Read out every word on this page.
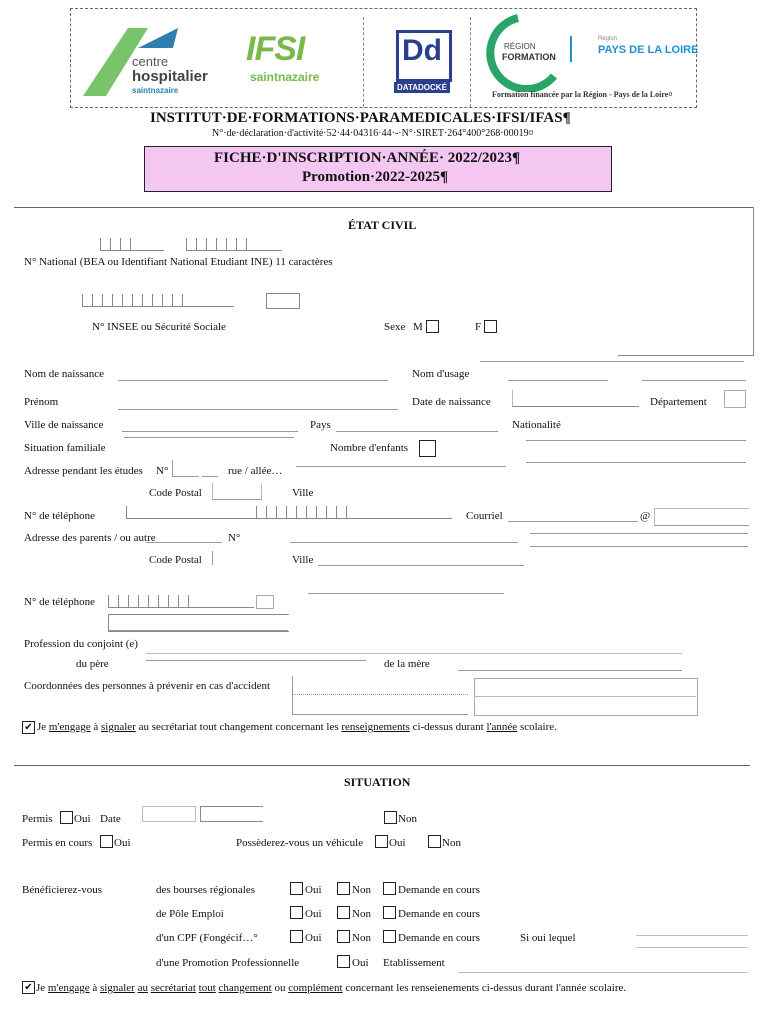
centre
hospitalier
saintnazaire
IFSI
saintnazaire
Dd
DATADOCKÉ
RÉGION
FORMATION
Région
PAYS DE LA LOIRE
Formation financée par la Région - Pays de la Loire¤
INSTITUT·DE·FORMATIONS·PARAMEDICALES·IFSI/IFAS¶
N°·de·déclaration·d'activité·52·44·04316·44·-·N°·SIRET·264°400°268·00019¤
FICHE·D'INSCRIPTION·ANNÉE· 2022/2023¶
Promotion·2022-2025¶
ÉTAT CIVIL
N° National (BEA ou Identifiant National Etudiant INE) 11 caractères
N° INSEE ou Sécurité Sociale	Sexe M	F
Nom de naissance	Nom d'usage
Prénom	Date de naissance	Département
Ville de naissance	Pays	Nationalité
Situation familiale	Nombre d'enfants
Adresse pendant les études N°	rue / allée…
Code Postal	Ville
N° de téléphone	Courriel	@
Adresse des parents / ou autre	N°
Code Postal	Ville
N° de téléphone
Profession du conjoint (e)
du père	de la mère
Coordonnées des personnes à prévenir en cas d'accident
✔ Je m'engage à signaler au secrétariat tout changement concernant les renseignements ci-dessus durant l'année scolaire.
SITUATION
Permis Oui Date	Non
Permis en cours Oui	Possèderez-vous un véhicule Oui	Non
Bénéficierez-vous	des bourses régionales	Oui	Non Demande en cours
de Pôle Emploi	Oui	Non Demande en cours
d'un CPF (Fongécif…°	Oui	Non Demande en cours	Si oui lequel
d'une Promotion Professionnelle	Oui Etablissement
✔ Je m'engage à signaler au secrétariat tout changement ou complément concernant les renseienements ci-dessus durant l'année scolaire.
